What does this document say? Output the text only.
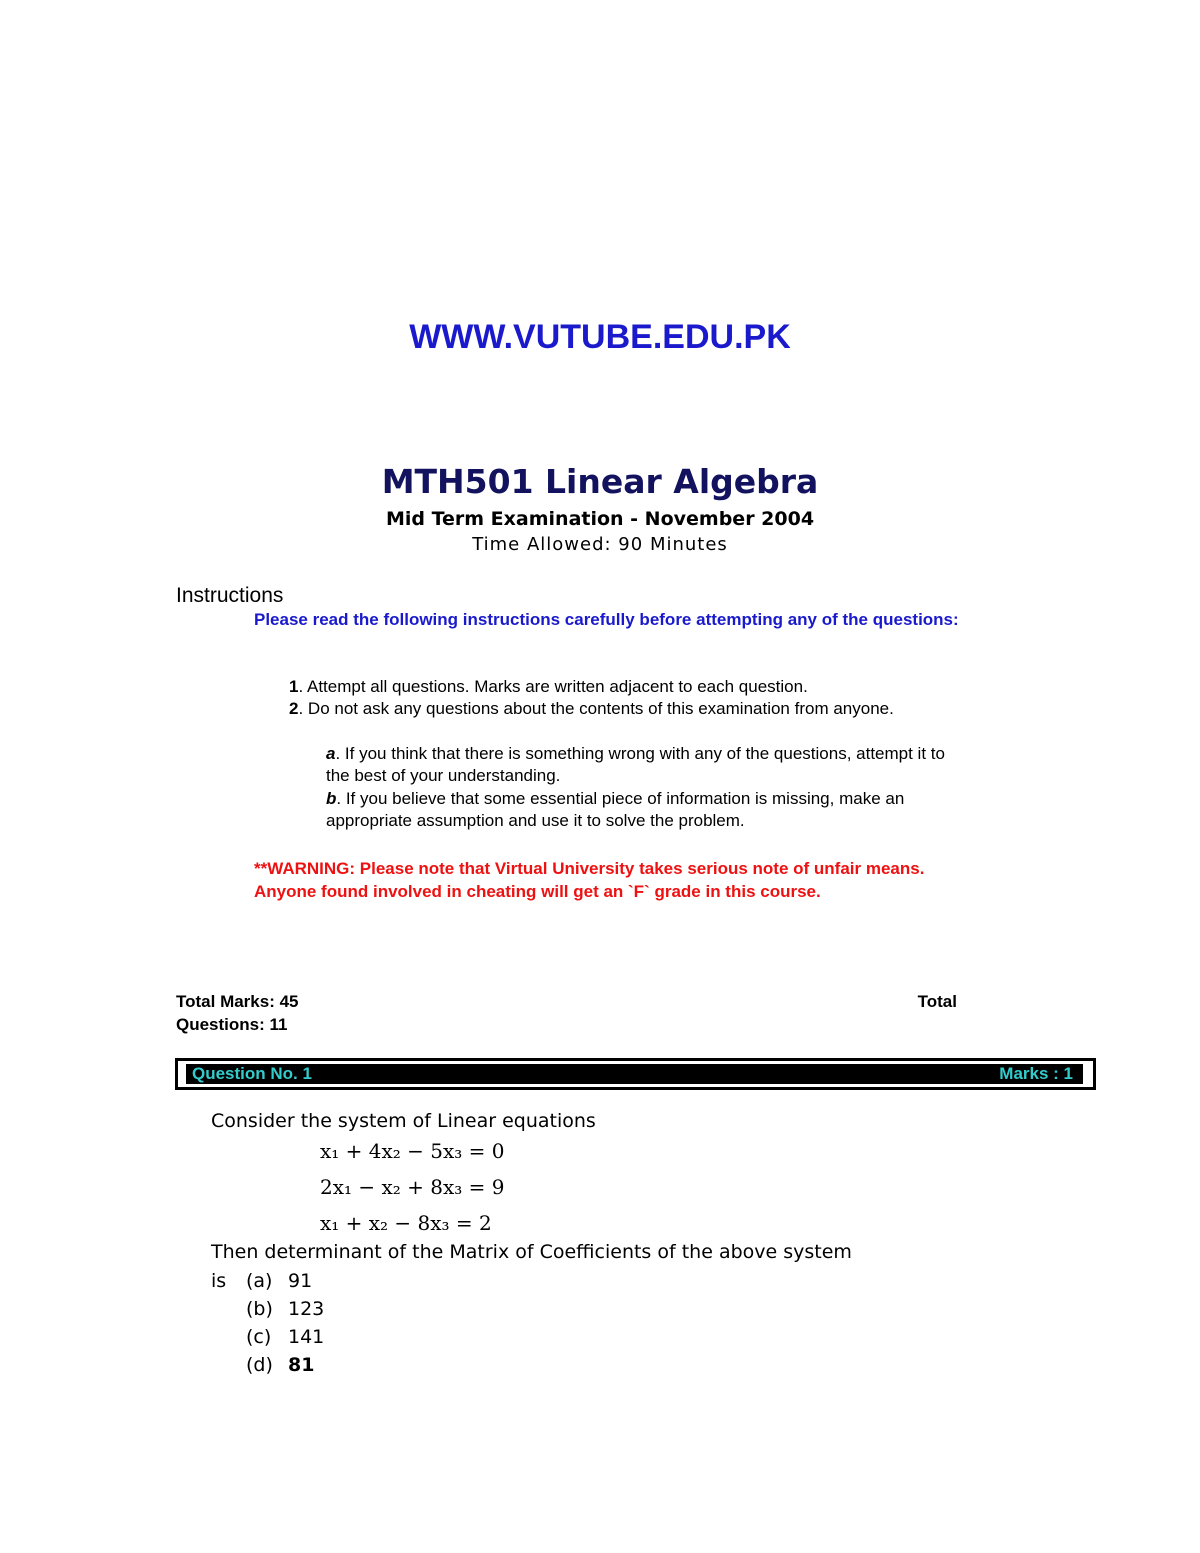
WWW.VUTUBE.EDU.PK
MTH501 Linear Algebra
Mid Term Examination - November 2004
Time Allowed: 90 Minutes
Instructions
Please read the following instructions carefully before attempting any of the questions:
1. Attempt all questions. Marks are written adjacent to each question.
2. Do not ask any questions about the contents of this examination from anyone.
a. If you think that there is something wrong with any of the questions, attempt it to the best of your understanding.
b. If you believe that some essential piece of information is missing, make an appropriate assumption and use it to solve the problem.
**WARNING: Please note that Virtual University takes serious note of unfair means. Anyone found involved in cheating will get an `F` grade in this course.
Total Marks: 45	Total
Questions: 11
Question No. 1	Marks : 1
Consider the system of Linear equations
x₁ + 4x₂ − 5x₃ = 0
2x₁ − x₂ + 8x₃ = 9
x₁ + x₂ − 8x₃ = 2
Then determinant of the Matrix of Coefficients of the above system
is (a) 91
(b) 123
(c) 141
(d) 81
